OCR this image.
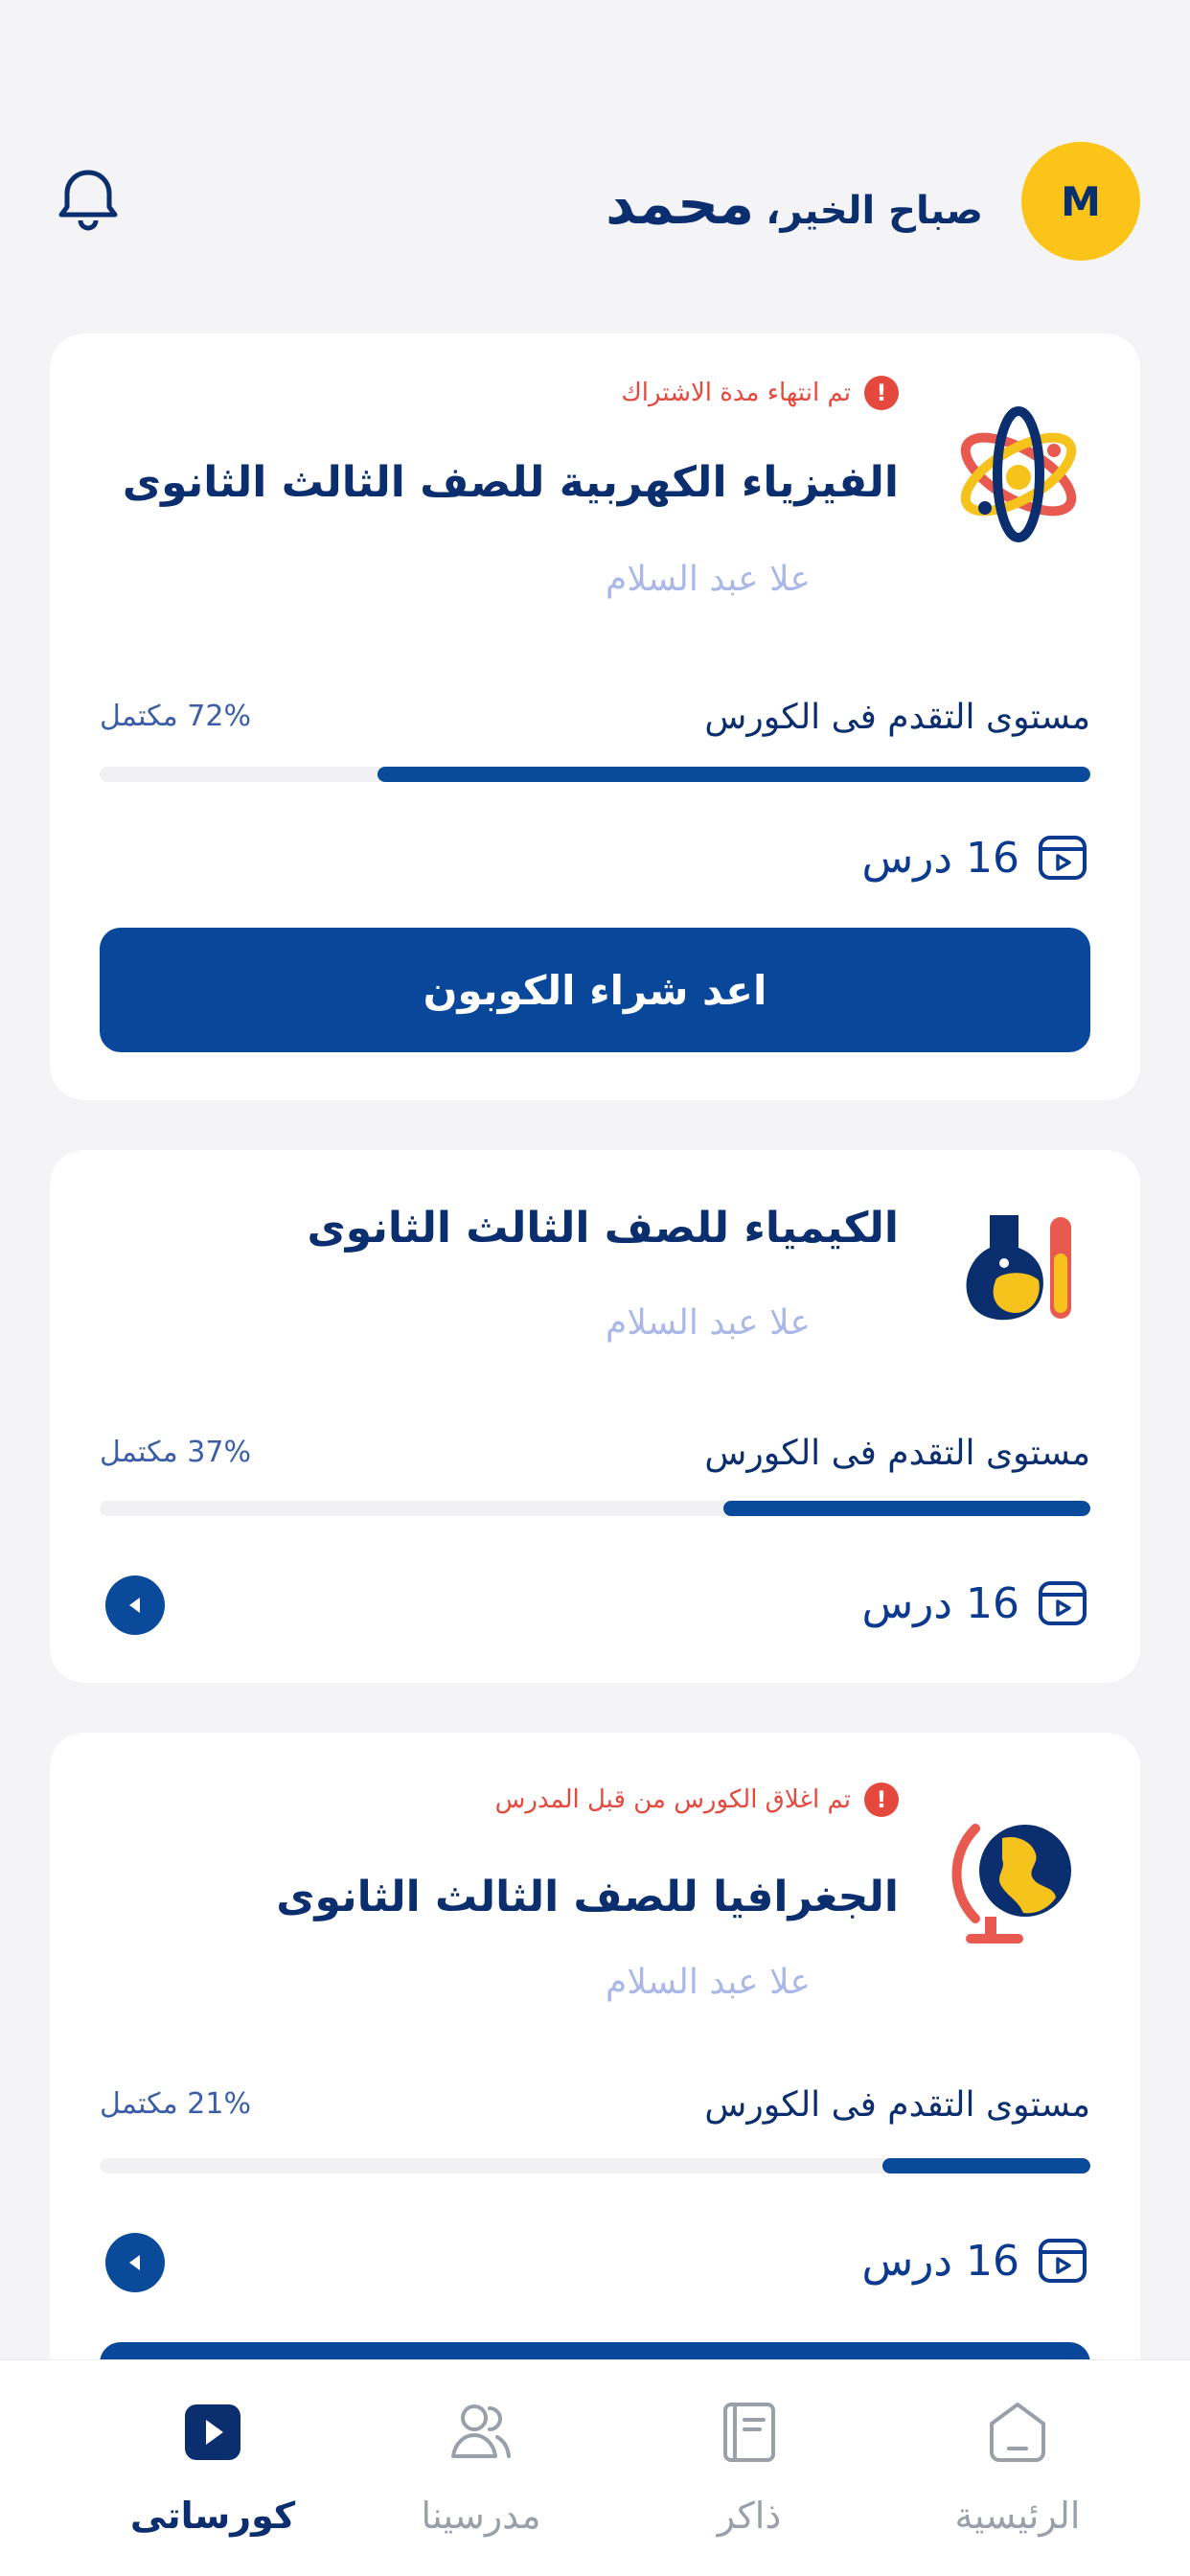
M
صباح الخير،
محمد
!
تم انتهاء مدة الاشتراك
الفيزياء الكهربية للصف الثالث الثانوى
علا عبد السلام
مستوى التقدم فى الكورس
72% مكتمل
16 درس
اعد شراء الكوبون
الكيمياء للصف الثالث الثانوى
علا عبد السلام
مستوى التقدم فى الكورس
37% مكتمل
16 درس
!
تم اغلاق الكورس من قبل المدرس
الجغرافيا للصف الثالث الثانوى
علا عبد السلام
مستوى التقدم فى الكورس
21% مكتمل
16 درس
الرئيسية
ذاكر
مدرسينا
كورساتى
